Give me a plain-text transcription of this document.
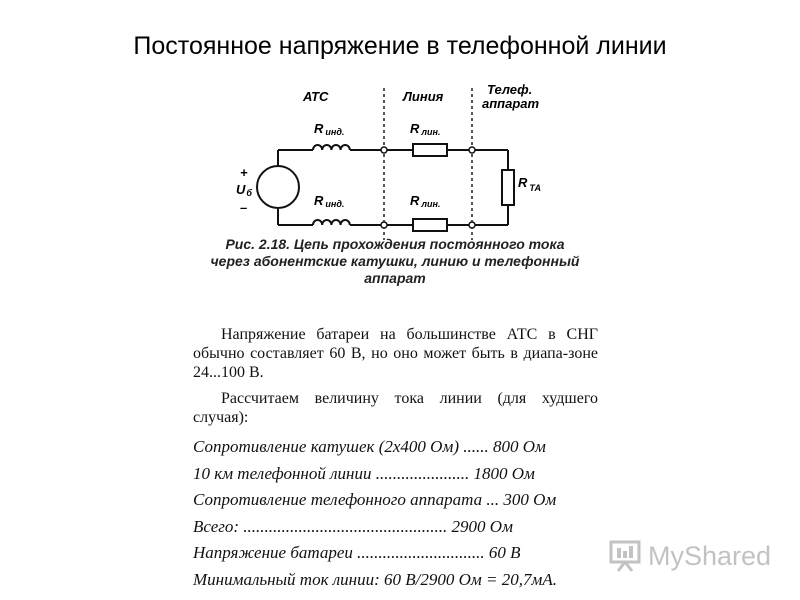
Постоянное напряжение в телефонной линии
АТС	Линия	Телеф.
аппарат
R инд.	R лин.
R инд.	R лин.
R $_{ТА}$
+
Uб
–
Рис. 2.18. Цепь прохождения постоянного тока
через абонентские катушки, линию и телефонный
аппарат
Напряжение батареи на большинстве АТС в СНГ обычно составляет 60 В, но оно может быть в диапа-зоне 24...100 В.
Рассчитаем величину тока линии (для худшего случая):
Сопротивление катушек (2х400 Ом) ...... 800 Ом
10 км телефонной линии ...................... 1800 Ом
Сопротивление телефонного аппарата ... 300 Ом
Всего: ................................................ 2900 Ом
Напряжение батареи .............................. 60 В
Минимальный ток линии: 60 В/2900 Ом = 20,7мА.
MyShared
